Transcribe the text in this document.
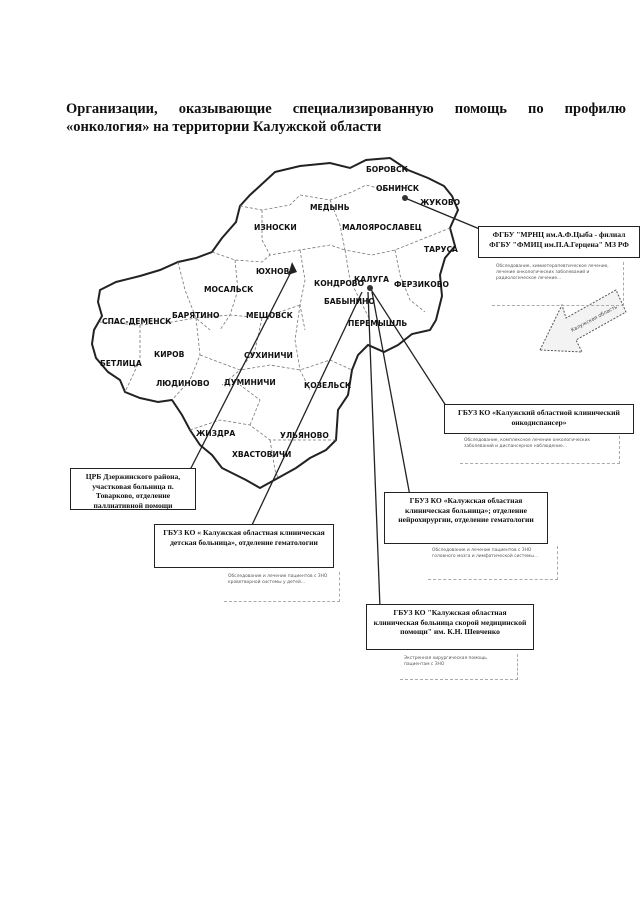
Организации, оказывающие специализированную помощь по профилю
«онкология» на территории Калужской области
Калужская область
БОРОВСК
ОБНИНСК
ЖУКОВО
МЕДЫНЬ
МАЛОЯРОСЛАВЕЦ
ТАРУСА
ИЗНОСКИ
ЮХНОВ
КОНДРОВО
КАЛУГА
ФЕРЗИКОВО
МОСАЛЬСК
БАБЫНИНО
СПАС-ДЕМЕНСК
БАРЯТИНО	МЕЩОВСК
ПЕРЕМЫШЛЬ
КИРОВ	СУХИНИЧИ
БЕТЛИЦА
ЛЮДИНОВО ДУМИНИЧИ	КОЗЕЛЬСК
ЖИЗДРА	УЛЬЯНОВО
ХВАСТОВИЧИ
ФГБУ "МРНЦ им.А.Ф.Цыба - филиал ФГБУ "ФМИЦ им.П.А.Герцена" МЗ РФ
Обследование, химиотерапевтическое лечение, лечение онкологических заболеваний и радиологическое лечение...
ГБУЗ КО «Калужский областной клинический онкодиспансер»
Обследование, комплексное лечение онкологических заболеваний и диспансерное наблюдение...
ЦРБ Дзержинского района, участковая больница п. Товарково, отделение паллиативной помощи	ГБУЗ КО «Калужская областная клиническая больница»; отделение нейрохирургии, отделение гематологии
Обследование и лечение пациентов с ЗНО головного мозга и лимфатической системы...
ГБУЗ КО « Калужская областная клиническая детская больница», отделение гематологии
Обследование и лечение пациентов с ЗНО кроветворной системы у детей...
ГБУЗ КО "Калужская областная клиническая больница скорой медицинской помощи" им. К.Н. Шевченко
Экстренная хирургическая помощь пациентам с ЗНО
